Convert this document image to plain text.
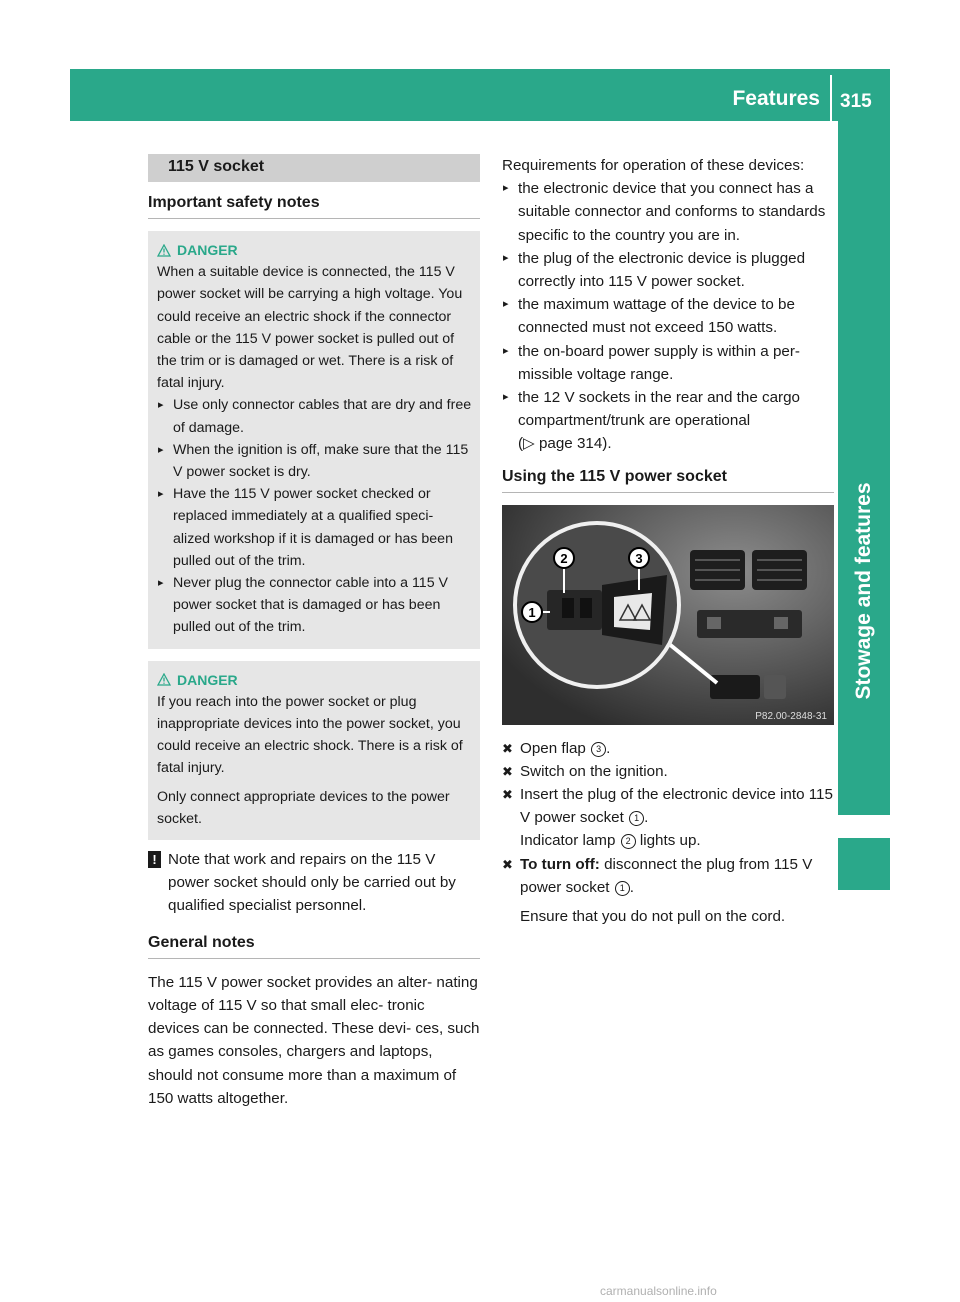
Features	315
Stowage and features
115 V socket
Important safety notes
DANGER
When a suitable device is connected, the 115 V power socket will be carrying a high voltage. You could receive an electric shock if the connector cable or the 115 V power socket is pulled out of the trim or is damaged or wet. There is a risk of fatal injury.
▸ Use only connector cables that are dry and free of damage.
▸ When the ignition is off, make sure that the 115 V power socket is dry.
▸ Have the 115 V power socket checked or replaced immediately at a qualified speci- alized workshop if it is damaged or has been pulled out of the trim.
▸ Never plug the connector cable into a 115 V power socket that is damaged or has been pulled out of the trim.
DANGER
If you reach into the power socket or plug inappropriate devices into the power socket, you could receive an electric shock. There is a risk of fatal injury.
Only connect appropriate devices to the power socket.
! Note that work and repairs on the 115 V power socket should only be carried out by qualified specialist personnel.
General notes
The 115 V power socket provides an alter- nating voltage of 115 V so that small elec- tronic devices can be connected. These devi- ces, such as games consoles, chargers and laptops, should not consume more than a maximum of 150 watts altogether.
Requirements for operation of these devices:
▸ the electronic device that you connect has a suitable connector and conforms to standards specific to the country you are in.
▸ the plug of the electronic device is plugged correctly into 115 V power socket.
▸ the maximum wattage of the device to be connected must not exceed 150 watts.
▸ the on-board power supply is within a per- missible voltage range.
▸ the 12 V sockets in the rear and the cargo compartment/trunk are operational
(▷ page 314).
Using the 115 V power socket
1
2	3
P82.00-2848-31
✖ Open flap 3 .
✖ Switch on the ignition.
✖ Insert the plug of the electronic device into 115 V power socket 1 .
Indicator lamp 2 lights up.
✖ To turn off: disconnect the plug from 115 V power socket 1 .
Ensure that you do not pull on the cord.
carmanualsonline.info
